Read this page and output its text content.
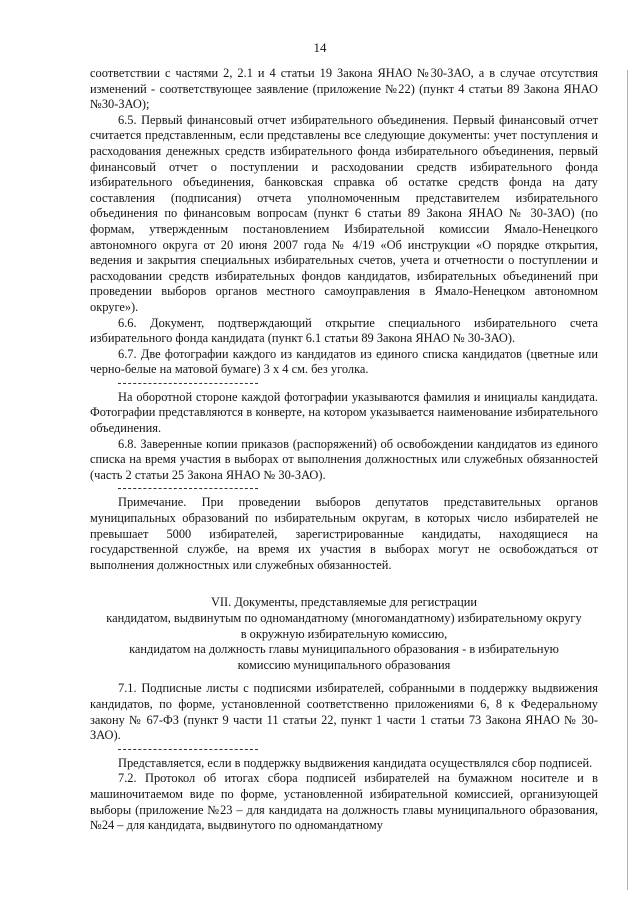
14

соответствии с частями 2, 2.1 и 4 статьи 19 Закона ЯНАО №30-ЗАО, а в случае отсутствия изменений - соответствующее заявление (приложение №22) (пункт 4 статьи 89 Закона ЯНАО №30-ЗАО);

6.5. Первый финансовый отчет избирательного объединения. Первый финансовый отчет считается представленным, если представлены все следующие документы: учет поступления и расходования денежных средств избирательного фонда избирательного объединения, первый финансовый отчет о поступлении и расходовании средств избирательного фонда избирательного объединения, банковская справка об остатке средств фонда на дату составления (подписания) отчета уполномоченным представителем избирательного объединения по финансовым вопросам (пункт 6 статьи 89 Закона ЯНАО № 30-ЗАО) (по формам, утвержденным постановлением Избирательной комиссии Ямало-Ненецкого автономного округа от 20 июня 2007 года № 4/19 «Об инструкции «О порядке открытия, ведения и закрытия специальных избирательных счетов, учета и отчетности о поступлении и расходовании средств избирательных фондов кандидатов, избирательных объединений при проведении выборов органов местного самоуправления в Ямало-Ненецком автономном округе»).

6.6. Документ, подтверждающий открытие специального избирательного счета избирательного фонда кандидата (пункт 6.1 статьи 89 Закона ЯНАО № 30-ЗАО).

6.7. Две фотографии каждого из кандидатов из единого списка кандидатов (цветные или черно-белые на матовой бумаге) 3 х 4 см. без уголка.

На оборотной стороне каждой фотографии указываются фамилия и инициалы кандидата. Фотографии представляются в конверте, на котором указывается наименование избирательного объединения.

6.8. Заверенные копии приказов (распоряжений) об освобождении кандидатов из единого списка на время участия в выборах от выполнения должностных или служебных обязанностей (часть 2 статьи 25 Закона ЯНАО № 30-ЗАО).

Примечание. При проведении выборов депутатов представительных органов муниципальных образований по избирательным округам, в которых число избирателей не превышает 5000 избирателей, зарегистрированные кандидаты, находящиеся на государственной службе, на время их участия в выборах могут не освобождаться от выполнения должностных или служебных обязанностей.

VII. Документы, представляемые для регистрации

кандидатом, выдвинутым по одномандатному (многомандатному) избирательному округу

в окружную избирательную комиссию,

кандидатом на должность главы муниципального образования - в избирательную

комиссию муниципального образования

7.1. Подписные листы с подписями избирателей, собранными в поддержку выдвижения кандидатов, по форме, установленной соответственно приложениями 6, 8 к Федеральному закону № 67-ФЗ (пункт 9 части 11 статьи 22, пункт 1 части 1 статьи 73 Закона ЯНАО № 30-ЗАО).

Представляется, если в поддержку выдвижения кандидата осуществлялся сбор подписей.

7.2. Протокол об итогах сбора подписей избирателей на бумажном носителе и в машиночитаемом виде по форме, установленной избирательной комиссией, организующей выборы (приложение №23 – для кандидата на должность главы муниципального образования, №24 – для кандидата, выдвинутого по одномандатному
